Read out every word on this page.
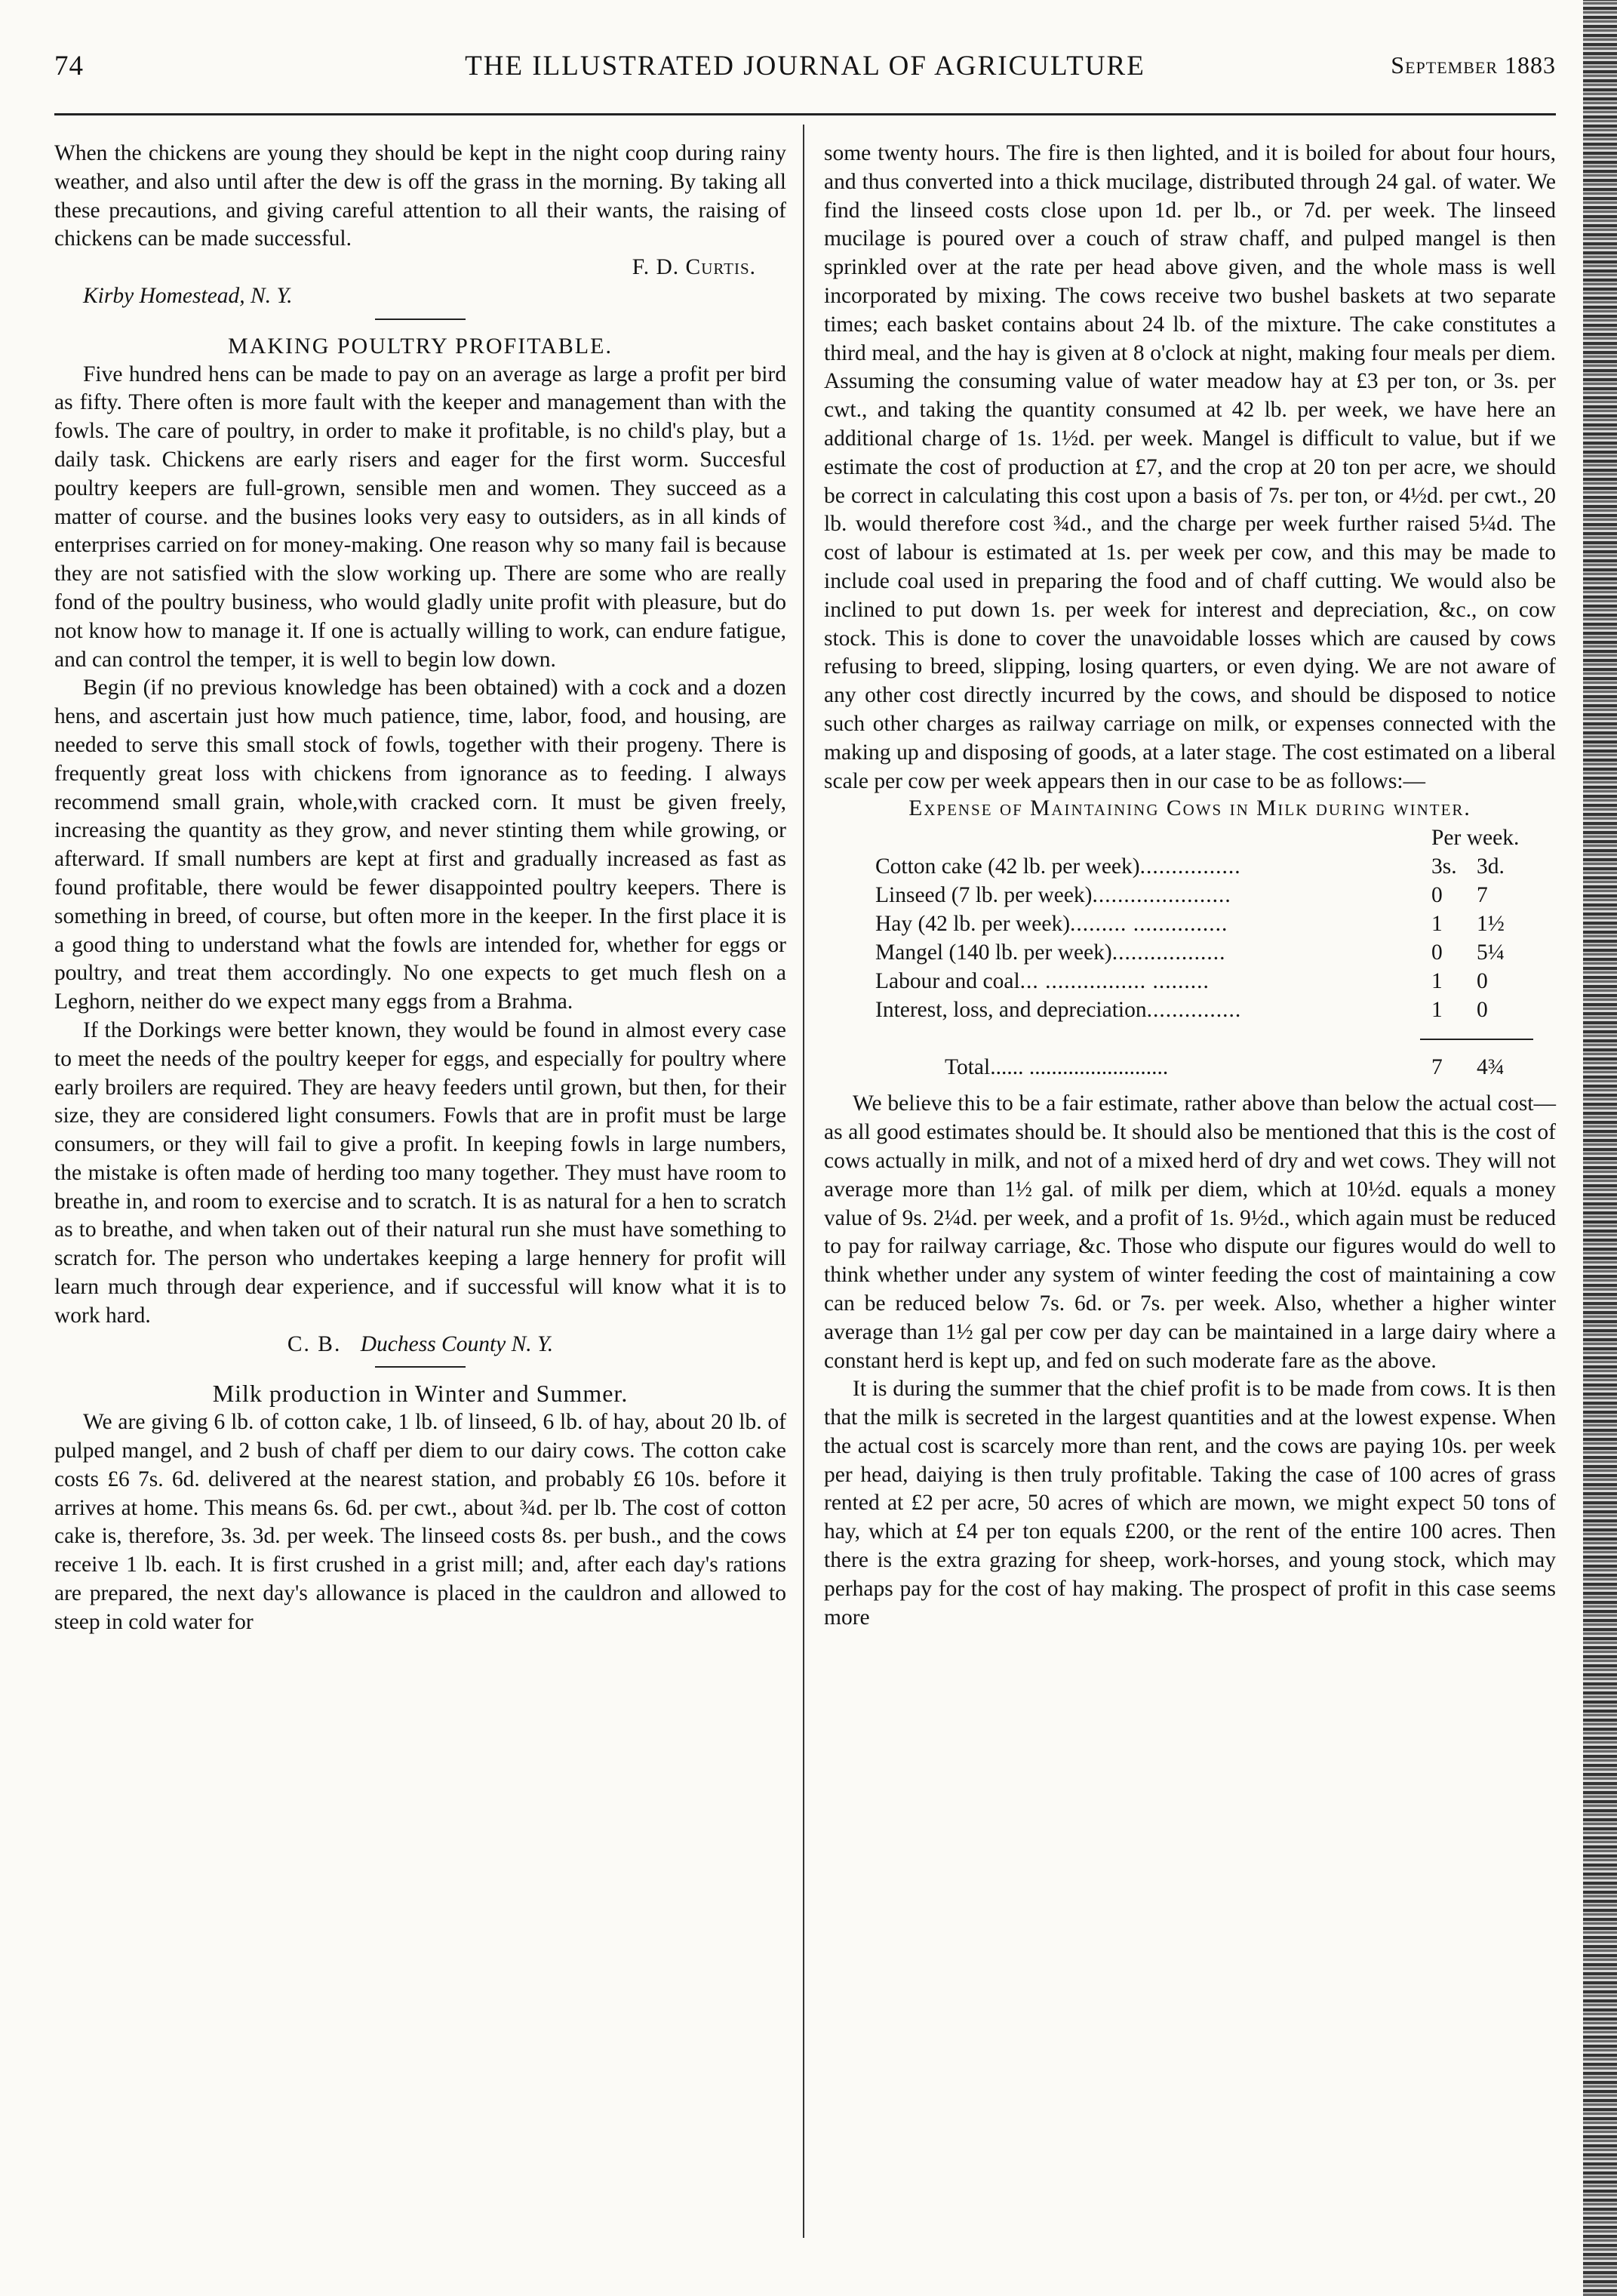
74	THE ILLUSTRATED JOURNAL OF AGRICULTURE	September 1883

When the chickens are young they should be kept in the night coop during rainy weather, and also until after the dew is off the grass in the morning. By taking all these precautions, and giving careful attention to all their wants, the raising of chickens can be made successful.

F. D. Curtis.

Kirby Homestead, N. Y.

MAKING POULTRY PROFITABLE.

Five hundred hens can be made to pay on an average as large a profit per bird as fifty. There often is more fault with the keeper and management than with the fowls. The care of poultry, in order to make it profitable, is no child's play, but a daily task. Chickens are early risers and eager for the first worm. Succesful poultry keepers are full-grown, sensible men and women. They succeed as a matter of course. and the busines looks very easy to outsiders, as in all kinds of enterprises carried on for money-making. One reason why so many fail is because they are not satisfied with the slow working up. There are some who are really fond of the poultry business, who would gladly unite profit with pleasure, but do not know how to manage it. If one is actually willing to work, can endure fatigue, and can control the temper, it is well to begin low down.

Begin (if no previous knowledge has been obtained) with a cock and a dozen hens, and ascertain just how much patience, time, labor, food, and housing, are needed to serve this small stock of fowls, together with their progeny. There is frequently great loss with chickens from ignorance as to feeding. I always recommend small grain, whole,with cracked corn. It must be given freely, increasing the quantity as they grow, and never stinting them while growing, or afterward. If small numbers are kept at first and gradually increased as fast as found profitable, there would be fewer disappointed poultry keepers. There is something in breed, of course, but often more in the keeper. In the first place it is a good thing to understand what the fowls are intended for, whether for eggs or poultry, and treat them accordingly. No one expects to get much flesh on a Leghorn, neither do we expect many eggs from a Brahma.

If the Dorkings were better known, they would be found in almost every case to meet the needs of the poultry keeper for eggs, and especially for poultry where early broilers are required. They are heavy feeders until grown, but then, for their size, they are considered light consumers. Fowls that are in profit must be large consumers, or they will fail to give a profit. In keeping fowls in large numbers, the mistake is often made of herding too many together. They must have room to breathe in, and room to exercise and to scratch. It is as natural for a hen to scratch as to breathe, and when taken out of their natural run she must have something to scratch for. The person who undertakes keeping a large hennery for profit will learn much through dear experience, and if successful will know what it is to work hard.

C. B. Duchess County N. Y.

Milk production in Winter and Summer.

We are giving 6 lb. of cotton cake, 1 lb. of linseed, 6 lb. of hay, about 20 lb. of pulped mangel, and 2 bush of chaff per diem to our dairy cows. The cotton cake costs £6 7s. 6d. delivered at the nearest station, and probably £6 10s. before it arrives at home. This means 6s. 6d. per cwt., about ¾d. per lb. The cost of cotton cake is, therefore, 3s. 3d. per week. The linseed costs 8s. per bush., and the cows receive 1 lb. each. It is first crushed in a grist mill; and, after each day's rations are prepared, the next day's allowance is placed in the cauldron and allowed to steep in cold water for

some twenty hours. The fire is then lighted, and it is boiled for about four hours, and thus converted into a thick mucilage, distributed through 24 gal. of water. We find the linseed costs close upon 1d. per lb., or 7d. per week. The linseed mucilage is poured over a couch of straw chaff, and pulped mangel is then sprinkled over at the rate per head above given, and the whole mass is well incorporated by mixing. The cows receive two bushel baskets at two separate times; each basket contains about 24 lb. of the mixture. The cake constitutes a third meal, and the hay is given at 8 o'clock at night, making four meals per diem. Assuming the consuming value of water meadow hay at £3 per ton, or 3s. per cwt., and taking the quantity consumed at 42 lb. per week, we have here an additional charge of 1s. 1½d. per week. Mangel is difficult to value, but if we estimate the cost of production at £7, and the crop at 20 ton per acre, we should be correct in calculating this cost upon a basis of 7s. per ton, or 4½d. per cwt., 20 lb. would therefore cost ¾d., and the charge per week further raised 5¼d. The cost of labour is estimated at 1s. per week per cow, and this may be made to include coal used in preparing the food and of chaff cutting. We would also be inclined to put down 1s. per week for interest and depreciation, &c., on cow stock. This is done to cover the unavoidable losses which are caused by cows refusing to breed, slipping, losing quarters, or even dying. We are not aware of any other cost directly incurred by the cows, and should be disposed to notice such other charges as railway carriage on milk, or expenses connected with the making up and disposing of goods, at a later stage. The cost estimated on a liberal scale per cow per week appears then in our case to be as follows:—

Expense of Maintaining Cows in Milk during winter.

Per week.
Cotton cake (42 lb. per week)................	3s. 3d.
Linseed (7 lb. per week)......................	0	7
Hay (42 lb. per week)......... ...............	1	1½
Mangel (140 lb. per week)..................	0	5¼
Labour and coal... ................ .........	1	0
Interest, loss, and depreciation...............	1	0
Total...... .........................	7	4¾

We believe this to be a fair estimate, rather above than below the actual cost—as all good estimates should be. It should also be mentioned that this is the cost of cows actually in milk, and not of a mixed herd of dry and wet cows. They will not average more than 1½ gal. of milk per diem, which at 10½d. equals a money value of 9s. 2¼d. per week, and a profit of 1s. 9½d., which again must be reduced to pay for railway carriage, &c. Those who dispute our figures would do well to think whether under any system of winter feeding the cost of maintaining a cow can be reduced below 7s. 6d. or 7s. per week. Also, whether a higher winter average than 1½ gal per cow per day can be maintained in a large dairy where a constant herd is kept up, and fed on such moderate fare as the above.

It is during the summer that the chief profit is to be made from cows. It is then that the milk is secreted in the largest quantities and at the lowest expense. When the actual cost is scarcely more than rent, and the cows are paying 10s. per week per head, daiying is then truly profitable. Taking the case of 100 acres of grass rented at £2 per acre, 50 acres of which are mown, we might expect 50 tons of hay, which at £4 per ton equals £200, or the rent of the entire 100 acres. Then there is the extra grazing for sheep, work-horses, and young stock, which may perhaps pay for the cost of hay making. The prospect of profit in this case seems more
